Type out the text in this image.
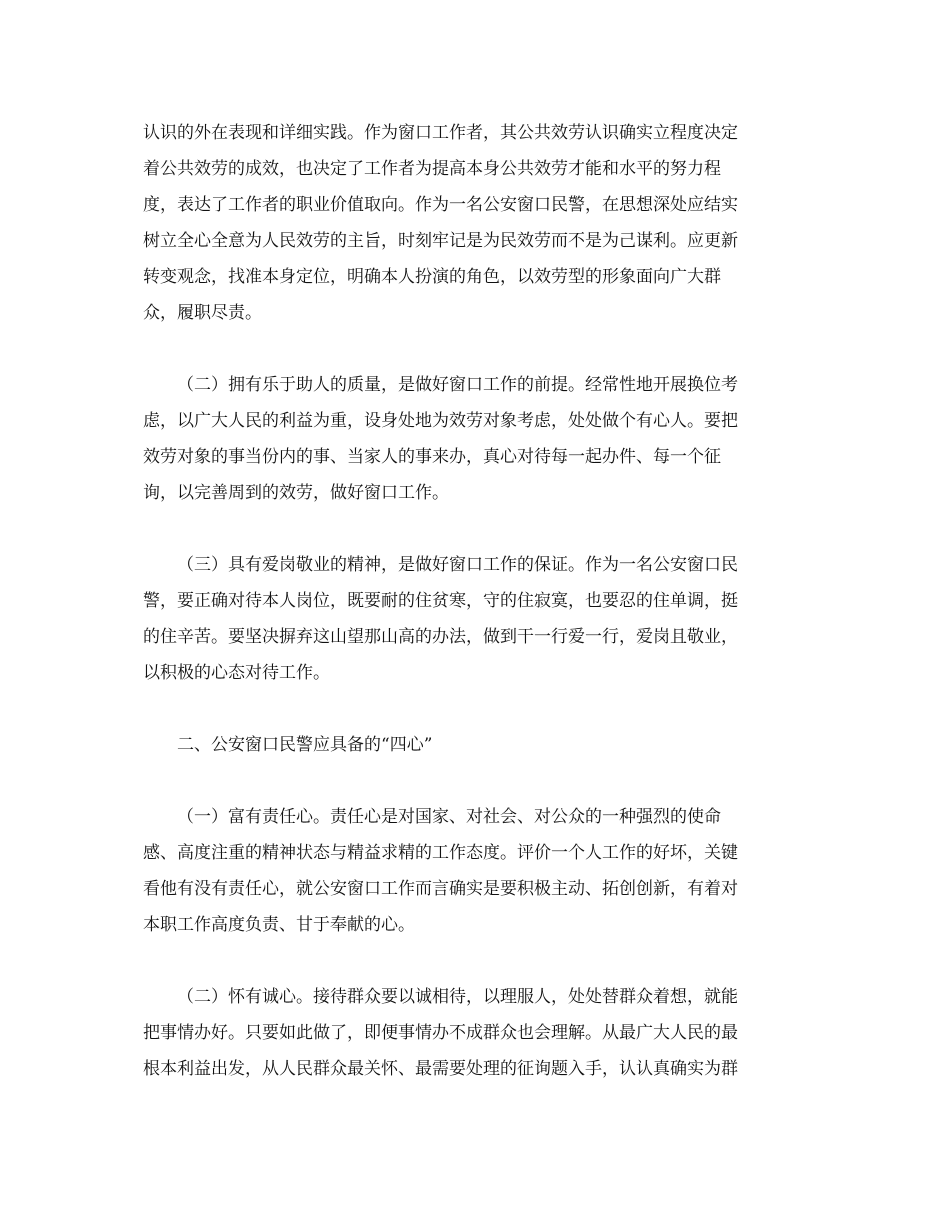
认识的外在表现和详细实践。作为窗口工作者，其公共效劳认识确实立程度决定
着公共效劳的成效，也决定了工作者为提高本身公共效劳才能和水平的努力程
度，表达了工作者的职业价值取向。作为一名公安窗口民警，在思想深处应结实
树立全心全意为人民效劳的主旨，时刻牢记是为民效劳而不是为己谋利。应更新
转变观念，找准本身定位，明确本人扮演的角色，以效劳型的形象面向广大群
众，履职尽责。
（二）拥有乐于助人的质量，是做好窗口工作的前提。经常性地开展换位考
虑，以广大人民的利益为重，设身处地为效劳对象考虑，处处做个有心人。要把
效劳对象的事当份内的事、当家人的事来办，真心对待每一起办件、每一个征
询，以完善周到的效劳，做好窗口工作。
（三）具有爱岗敬业的精神，是做好窗口工作的保证。作为一名公安窗口民
警，要正确对待本人岗位，既要耐的住贫寒，守的住寂寞，也要忍的住单调，挺
的住辛苦。要坚决摒弃这山望那山高的办法，做到干一行爱一行，爱岗且敬业，
以积极的心态对待工作。
二、公安窗口民警应具备的“四心”
（一）富有责任心。责任心是对国家、对社会、对公众的一种强烈的使命
感、高度注重的精神状态与精益求精的工作态度。评价一个人工作的好坏，关键
看他有没有责任心，就公安窗口工作而言确实是要积极主动、拓创创新，有着对
本职工作高度负责、甘于奉献的心。
（二）怀有诚心。接待群众要以诚相待，以理服人，处处替群众着想，就能
把事情办好。只要如此做了，即便事情办不成群众也会理解。从最广大人民的最
根本利益出发，从人民群众最关怀、最需要处理的征询题入手，认认真确实为群
